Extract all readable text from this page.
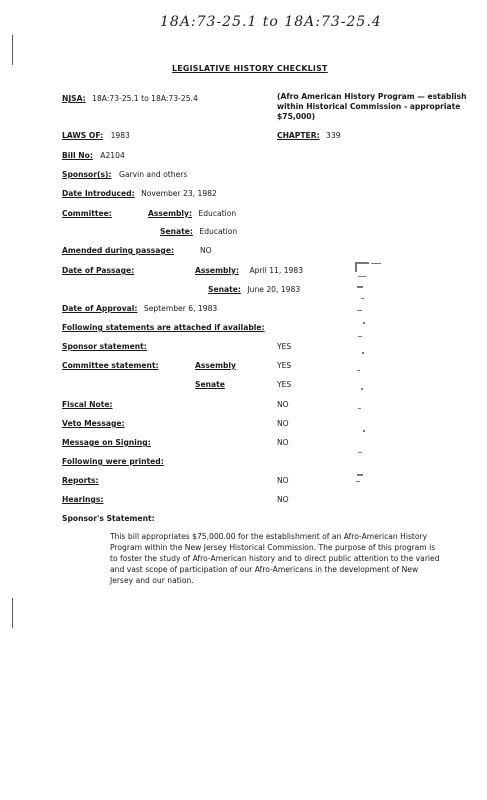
18A:73-25.1 to 18A:73-25.4
LEGISLATIVE HISTORY CHECKLIST
NJSA: 18A:73-25.1 to 18A:73-25.4	(Afro American History Program — establish within Historical Commission - appropriate $75,000)
LAWS OF: 1983	CHAPTER: 339
Bill No: A2104
Sponsor(s): Garvin and others
Date Introduced: November 23, 1982
Committee:	Assembly: Education
Senate: Education
Amended during passage:	NO
Date of Passage:	Assembly: April 11, 1983
Senate: June 20, 1983
Date of Approval: September 6, 1983
Following statements are attached if available:
Sponsor statement:	YES
Committee statement:	Assembly	YES
Senate	YES
Fiscal Note:	NO
Veto Message:	NO
Message on Signing:	NO
Following were printed:
Reports:	NO
Hearings:	NO
Sponsor's Statement:
This bill appropriates $75,000.00 for the establishment of an Afro-American History Program within the New Jersey Historical Commission. The purpose of this program is to foster the study of Afro-American history and to direct public attention to the varied and vast scope of participation of our Afro-Americans in the development of New Jersey and our nation.
